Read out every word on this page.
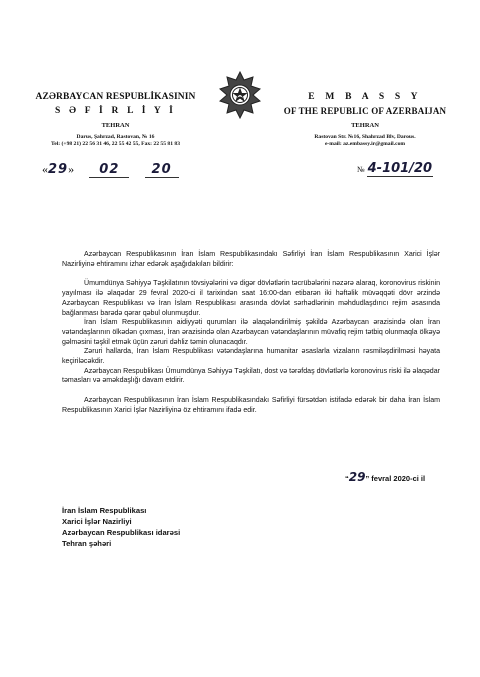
AZƏRBAYCAN RESPUBLİKASININ
S Ə F İ R L İ Y İ
TEHRAN
Darus, Şahrzad, Rastovan, № 16
Tel: (+98 21) 22 56 31 46, 22 55 42 55, Fax: 22 55 81 83
E M B A S S Y
OF THE REPUBLIC OF AZERBAIJAN
TEHRAN
Rastovan Str. №16, Shahrzad Blv, Darous.
e-mail: az.embassy.ir@gmail.com
«29» 02 20	№ 4-101/20

Azərbaycan Respublikasının İran İslam Respublikasındakı Səfirliyi İran İslam Respublikasının Xarici İşlər Nazirliyinə ehtiramını izhar edərək aşağıdakıları bildirir:

Ümumdünya Səhiyyə Təşkilatının tövsiyələrini və digər dövlətlərin təcrübələrini nəzərə alaraq, koronovirus riskinin yayılması ilə əlaqədar 29 fevral 2020-ci il tarixindən saat 16:00-dan etibarən iki həftəlik müvəqqəti dövr ərzində Azərbaycan Respublikası və İran İslam Respublikası arasında dövlət sərhədlərinin məhdudlaşdırıcı rejim əsasında bağlanması barədə qərar qəbul olunmuşdur.

İran İslam Respublikasının aidiyyəti qurumları ilə əlaqələndirilmiş şəkildə Azərbaycan ərazisində olan İran vətəndaşlarının ölkədən çıxması, İran ərazisində olan Azərbaycan vətəndaşlarının müvafiq rejim tətbiq olunmaqla ölkəyə gəlməsini təşkil etmək üçün zəruri dəhliz təmin olunacaqdır.

Zəruri hallarda, İran İslam Respublikası vətəndaşlarına humanitar əsaslarla vizaların rəsmiləşdirilməsi həyata keçiriləcəkdir.

Azərbaycan Respublikası Ümumdünya Səhiyyə Təşkilatı, dost və tərəfdaş dövlətlərlə koronovirus riski ilə əlaqədar təmasları və əməkdaşlığı davam etdirir.

Azərbaycan Respublikasının İran İslam Respublikasındakı Səfirliyi fürsətdən istifadə edərək bir daha İran İslam Respublikasının Xarici İşlər Nazirliyinə öz ehtiramını ifadə edir.

“29” fevral 2020-ci il
İran İslam Respublikası
Xarici İşlər Nazirliyi
Azərbaycan Respublikası idarəsi
Tehran şəhəri
